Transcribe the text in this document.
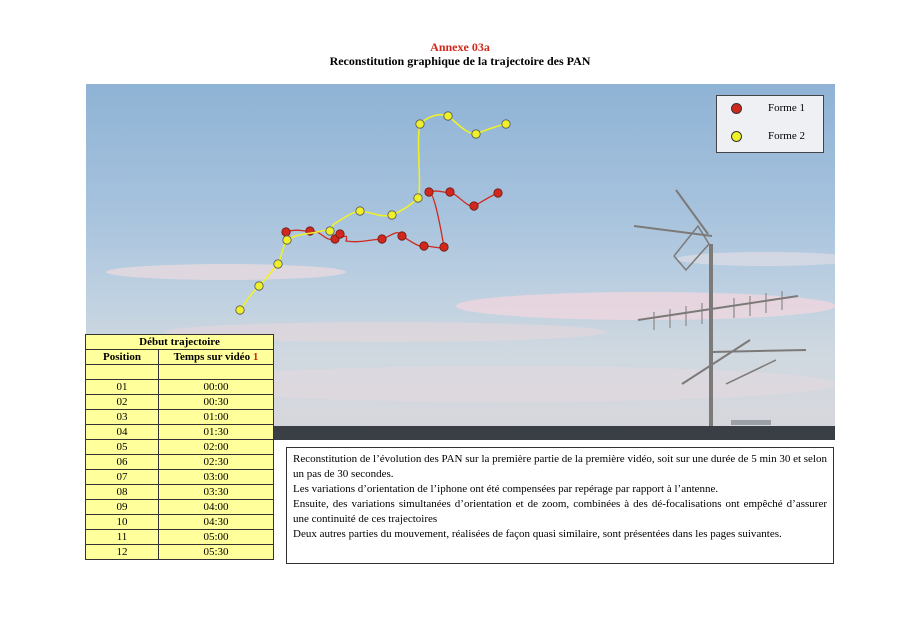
Annexe 03a
Reconstitution graphique de la trajectoire des PAN
Forme 1
Forme 2
Début trajectoire	
Position	Temps sur vidéo 1

01	00:00
02	00:30
03	01:00
04	01:30
05	02:00
06	02:30
07	03:00
08	03:30
09	04:00
10	04:30
11	05:00
12	05:30

Reconstitution de l’évolution des PAN sur la première partie de la première vidéo, soit sur une durée de 5 min 30 et selon un pas de 30 secondes.

Les variations d’orientation de l’iphone ont été compensées par repérage par rapport à l’antenne.

Ensuite, des variations simultanées d’orientation et de zoom, combinées à des dé-focalisations ont empêché d’assurer une continuité de ces trajectoires

Deux autres parties du mouvement, réalisées de façon quasi similaire, sont présentées dans les pages suivantes.
